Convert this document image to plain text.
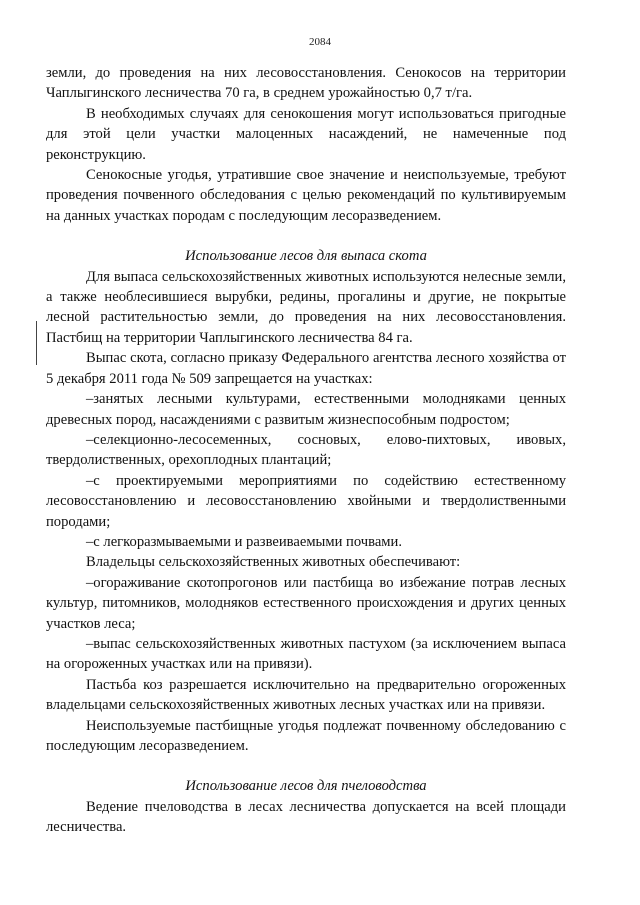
2084

земли, до проведения на них лесовосстановления. Сенокосов на территории Чаплыгинского лесничества 70 га, в среднем урожайностью 0,7 т/га.

В необходимых случаях для сенокошения могут использоваться пригодные для этой цели участки малоценных насаждений, не намеченные под реконструкцию.

Сенокосные угодья, утратившие свое значение и неиспользуемые, требуют проведения почвенного обследования с целью рекомендаций по культивируемым на данных участках породам с последующим лесоразведением.

Использование лесов для выпаса скота

Для выпаса сельскохозяйственных животных используются нелесные земли, а также необлесившиеся вырубки, редины, прогалины и другие, не покрытые лесной растительностью земли, до проведения на них лесовосстановления. Пастбищ на территории Чаплыгинского лесничества 84 га.

Выпас скота, согласно приказу Федерального агентства лесного хозяйства от 5 декабря 2011 года № 509 запрещается на участках:

–занятых лесными культурами, естественными молодняками ценных древесных пород, насаждениями с развитым жизнеспособным подростом;

–селекционно-лесосеменных, сосновых, елово-пихтовых, ивовых, твердолиственных, орехоплодных плантаций;

–с проектируемыми мероприятиями по содействию естественному лесовосстановлению и лесовосстановлению хвойными и твердолиственными породами;

–с легкоразмываемыми и развеиваемыми почвами.

Владельцы сельскохозяйственных животных обеспечивают:

–огораживание скотопрогонов или пастбища во избежание потрав лесных культур, питомников, молодняков естественного происхождения и других ценных участков леса;

–выпас сельскохозяйственных животных пастухом (за исключением выпаса на огороженных участках или на привязи).

Пастьба коз разрешается исключительно на предварительно огороженных владельцами сельскохозяйственных животных лесных участках или на привязи.

Неиспользуемые пастбищные угодья подлежат почвенному обследованию с последующим лесоразведением.

Использование лесов для пчеловодства

Ведение пчеловодства в лесах лесничества допускается на всей площади лесничества.
